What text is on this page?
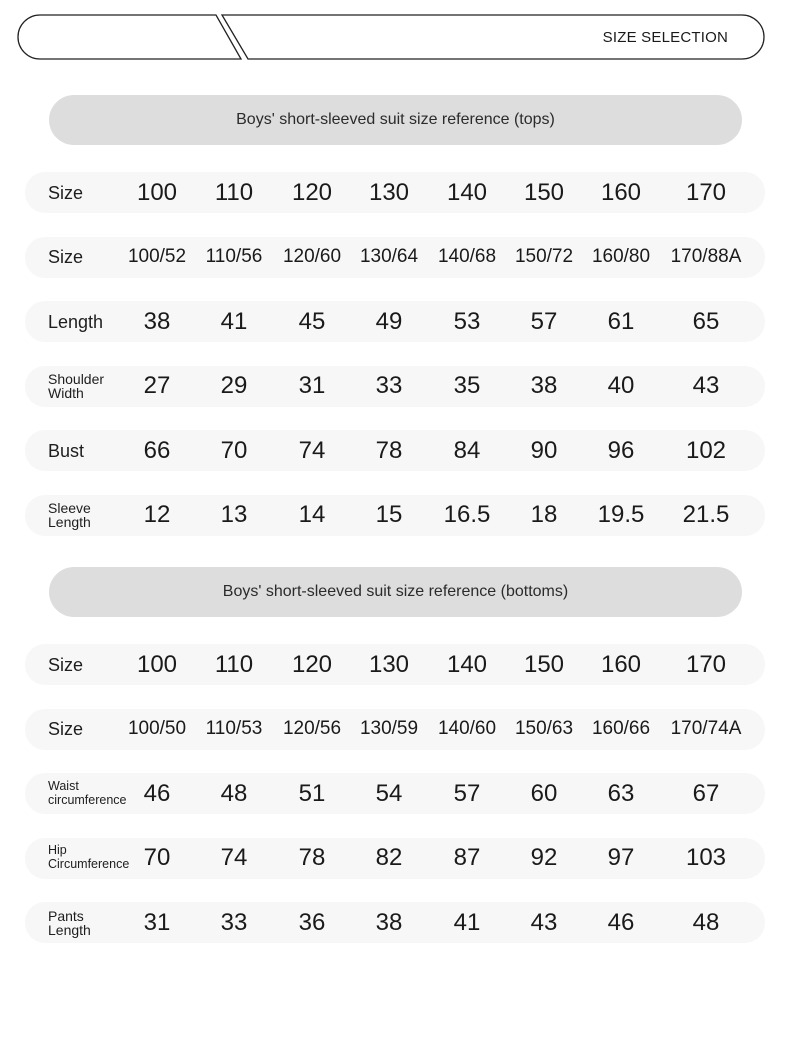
SIZE SELECTION
Boys' short-sleeved suit size reference (tops)
Size	100	110	120	130	140	150	160	170
Size	100/52	110/56	120/60 130/64	140/68 150/72 160/80	170/88A
Length	38	41	45	49	53	57	61	65
Shoulder
Width	27	29	31	33	35	38	40	43
Bust	66	70	74	78	84	90	96	102
Sleeve
Length	12	13	14	15	16.5	18	19.5	21.5
Boys' short-sleeved suit size reference (bottoms)
Size	100	110	120	130	140	150	160	170
Size	100/50	110/53	120/56 130/59	140/60 150/63 160/66	170/74A
Waist
circumference 46	48	51	54	57	60	63	67
Hip
Circumference 70	74	78	82	87	92	97	103
Pants
Length	31	33	36	38	41	43	46	48
